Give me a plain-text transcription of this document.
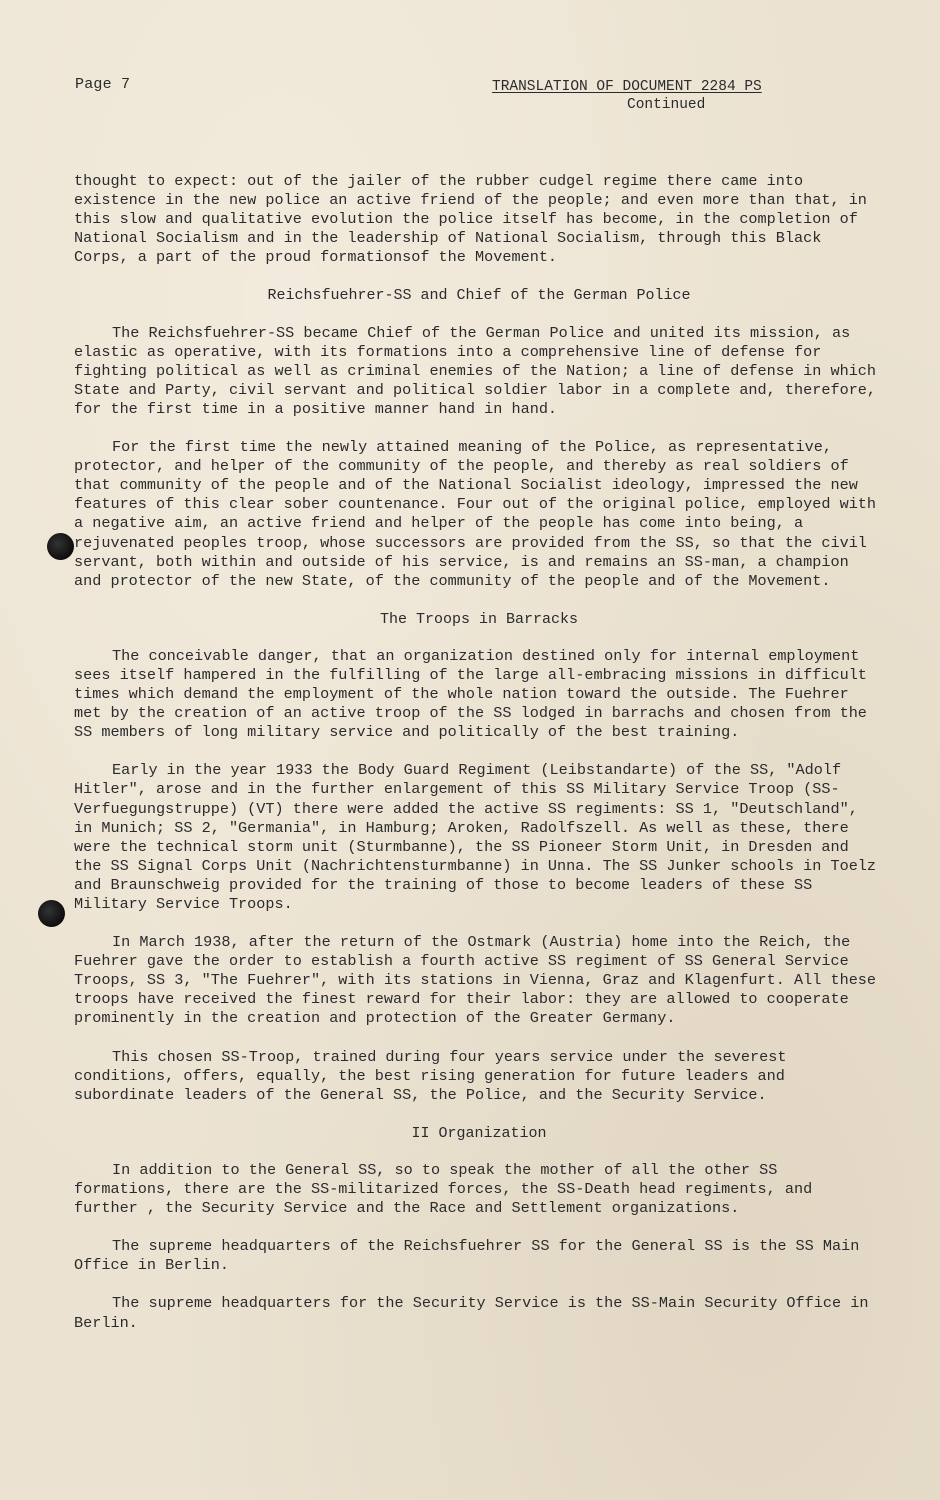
Page 7	TRANSLATION OF DOCUMENT 2284 PS
Continued

thought to expect: out of the jailer of the rubber cudgel regime there came into existence in the new police an active friend of the people; and even more than that, in this slow and qualitative evolution the police itself has become, in the completion of National Socialism and in the leadership of National Socialism, through this Black Corps, a part of the proud formationsof the Movement.

Reichsfuehrer-SS and Chief of the German Police

The Reichsfuehrer-SS became Chief of the German Police and united its mission, as elastic as operative, with its formations into a comprehensive line of defense for fighting political as well as criminal enemies of the Nation; a line of defense in which State and Party, civil servant and political soldier labor in a complete and, therefore, for the first time in a positive manner hand in hand.

For the first time the newly attained meaning of the Police, as representative, protector, and helper of the community of the people, and thereby as real soldiers of that community of the people and of the National Socialist ideology, impressed the new features of this clear sober countenance. Four out of the original police, employed with a negative aim, an active friend and helper of the people has come into being, a rejuvenated peoples troop, whose successors are provided from the SS, so that the civil servant, both within and outside of his service, is and remains an SS-man, a champion and protector of the new State, of the community of the people and of the Movement.

The Troops in Barracks

The conceivable danger, that an organization destined only for internal employment sees itself hampered in the fulfilling of the large all-embracing missions in difficult times which demand the employment of the whole nation toward the outside. The Fuehrer met by the creation of an active troop of the SS lodged in barrachs and chosen from the SS members of long military service and politically of the best training.

Early in the year 1933 the Body Guard Regiment (Leibstandarte) of the SS, "Adolf Hitler", arose and in the further enlargement of this SS Military Service Troop (SS-Verfuegungstruppe) (VT) there were added the active SS regiments: SS 1, "Deutschland", in Munich; SS 2, "Germania", in Hamburg; Aroken, Radolfszell. As well as these, there were the technical storm unit (Sturmbanne), the SS Pioneer Storm Unit, in Dresden and the SS Signal Corps Unit (Nachrichtensturmbanne) in Unna. The SS Junker schools in Toelz and Braunschweig provided for the training of those to become leaders of these SS Military Service Troops.

In March 1938, after the return of the Ostmark (Austria) home into the Reich, the Fuehrer gave the order to establish a fourth active SS regiment of SS General Service Troops, SS 3, "The Fuehrer", with its stations in Vienna, Graz and Klagenfurt. All these troops have received the finest reward for their labor: they are allowed to cooperate prominently in the creation and protection of the Greater Germany.

This chosen SS-Troop, trained during four years service under the severest conditions, offers, equally, the best rising generation for future leaders and subordinate leaders of the General SS, the Police, and the Security Service.

II Organization

In addition to the General SS, so to speak the mother of all the other SS formations, there are the SS-militarized forces, the SS-Death head regiments, and further , the Security Service and the Race and Settlement organizations.

The supreme headquarters of the Reichsfuehrer SS for the General SS is the SS Main Office in Berlin.

The supreme headquarters for the Security Service is the SS-Main Security Office in Berlin.
